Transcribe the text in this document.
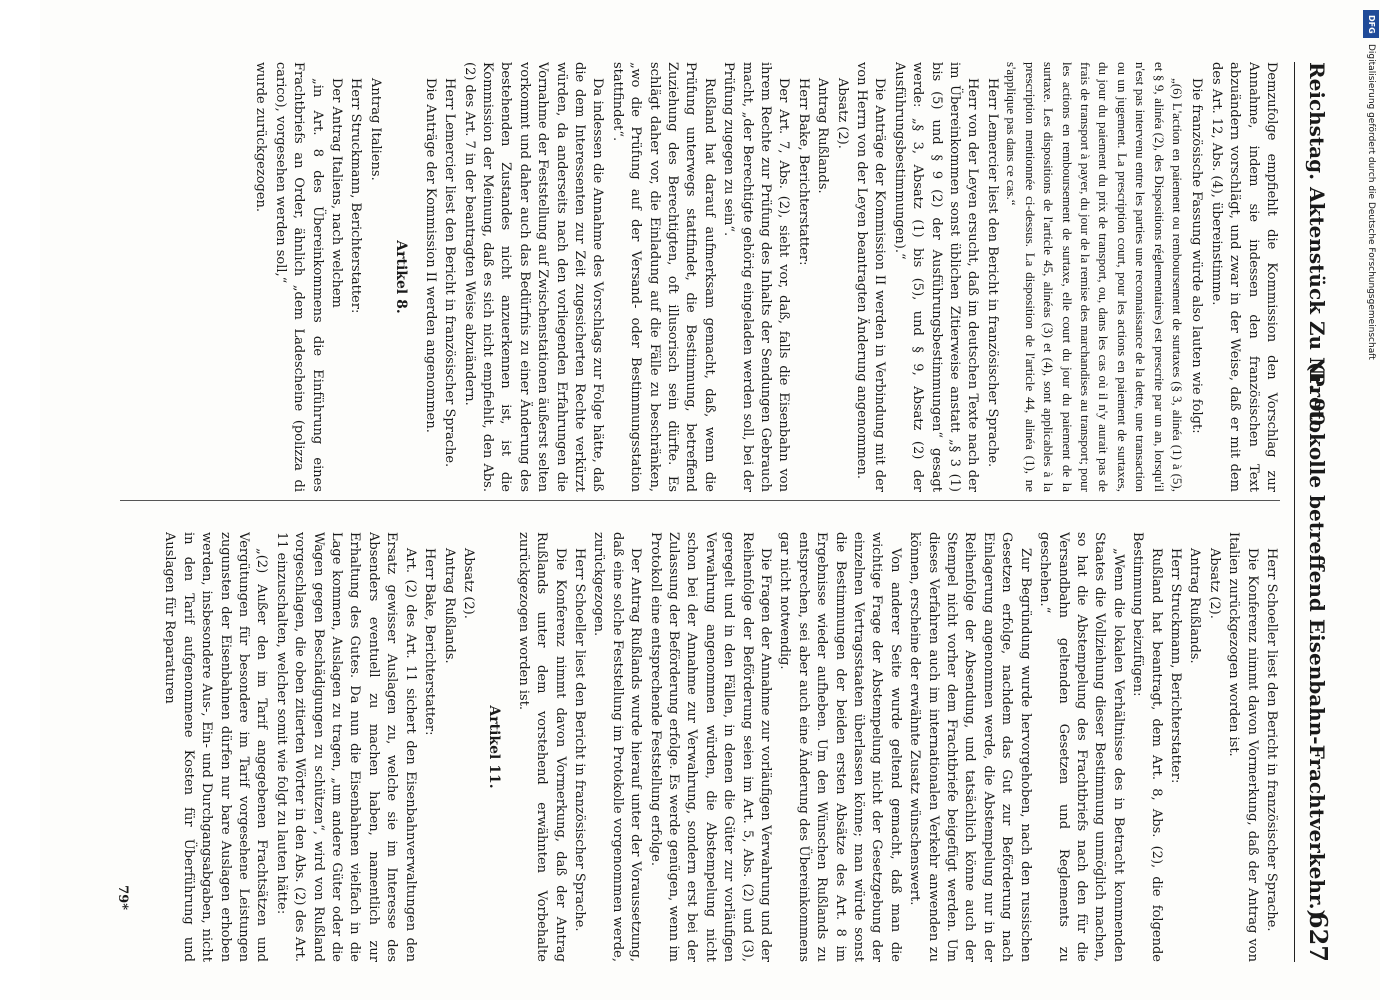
Reichstag. Aktenstück Zu Nr. 90.
(Protokolle betreffend Eisenbahn-Frachtverkehr.)
627

Demzufolge empfiehlt die Kommission den Vorschlag zur Annahme, indem sie indessen den französischen Text abzuändern vorschlägt, und zwar in der Weise, daß er mit dem des Art. 12, Abs. (4), übereinstimme.

Die französische Fassung würde also lauten wie folgt:

„(6) L'action en paiement ou remboursement de surtaxes (§ 3, alinéa (1) à (5), et § 9, alinéa (2), des Dispositions réglementaires) est prescrite par un an, lorsqu'il n'est pas intervenu entre les parties une reconnaissance de la dette, une transaction ou un jugement. La prescription court, pour les actions en paiement de surtaxes, du jour du paiement du prix de transport, ou, dans les cas où il n'y aurait pas de frais de transport à payer, du jour de la remise des marchandises au transport; pour les actions en remboursement de surtaxe, elle court du jour du paiement de la surtaxe. Les dispositions de l'article 45, alinéas (3) et (4), sont applicables à la prescription mentionnée ci-dessus. La disposition de l'article 44, alinéa (1), ne s'applique pas dans ce cas.“

Herr Lemercier liest den Bericht in französischer Sprache.

Herr von der Leyen ersucht, daß im deutschen Texte nach der im Übereinkommen sonst üblichen Zitierweise anstatt „§ 3 (1) bis (5) und § 9 (2) der Ausführungsbestimmungen“ gesagt werde: „§ 3, Absatz (1) bis (5), und § 9, Absatz (2) der Ausführungsbestimmungen).“

Die Anträge der Kommission II werden in Verbindung mit der von Herrn von der Leyen beantragten Änderung angenommen.

Absatz (2).

Antrag Rußlands.

Herr Bake, Berichterstatter:

Der Art. 7, Abs. (2), sieht vor, daß, falls die Eisenbahn von ihrem Rechte zur Prüfung des Inhalts der Sendungen Gebrauch macht, „der Berechtigte gehörig eingeladen werden soll, bei der Prüfung zugegen zu sein“.

Rußland hat darauf aufmerksam gemacht, daß, wenn die Prüfung unterwegs stattfindet, die Bestimmung, betreffend Zuziehung des Berechtigten, oft illusorisch sein dürfte. Es schlägt daher vor, die Einladung auf die Fälle zu beschränken, „wo die Prüfung auf der Versand- oder Bestimmungsstation stattfindet“.

Da indessen die Annahme des Vorschlags zur Folge hätte, daß die dem Interessenten zur Zeit zugesicherten Rechte verkürzt würden, da anderseits nach den vorliegenden Erfahrungen die Vornahme der Feststellung auf Zwischenstationen äußerst selten vorkommt und daher auch das Bedürfnis zu einer Änderung des bestehenden Zustandes nicht anzuerkennen ist, ist die Kommission der Meinung, daß es sich nicht empfiehlt, den Abs. (2) des Art. 7 in der beantragten Weise abzuändern.

Herr Lemercier liest den Bericht in französischer Sprache.

Die Anträge der Kommission II werden angenommen.

Artikel 8.

Antrag Italiens.

Herr Struckmann, Berichterstatter:

Der Antrag Italiens, nach welchem

„in Art. 8 des Übereinkommens die Einführung eines Frachtbriefs an Order, ähnlich „dem Ladescheine (polizza di carico), vorgesehen werden soll,“

wurde zurückgezogen.

Herr Schoeller liest den Bericht in französischer Sprache.

Die Konferenz nimmt davon Vormerkung, daß der Antrag von Italien zurückgezogen worden ist.

Absatz (2).

Antrag Rußlands.

Herr Struckmann, Berichterstatter:

Rußland hat beantragt, dem Art. 8, Abs. (2), die folgende Bestimmung beizufügen:

„Wenn die lokalen Verhältnisse des in Betracht kommenden Staates die Vollziehung dieser Bestimmung unmöglich machen, so hat die Abstempelung des Frachtbriefs nach den für die Versandbahn geltenden Gesetzen und Reglements zu geschehen.“

Zur Begründung wurde hervorgehoben, nach den russischen Gesetzen erfolge, nachdem das Gut zur Beförderung nach Einlagerung angenommen werde, die Abstempelung nur in der Reihenfolge der Absendung, und tatsächlich könne auch der Stempel nicht vorher dem Frachtbriefe beigefügt werden. Um dieses Verfahren auch im internationalen Verkehr anwenden zu können, erscheine der erwähnte Zusatz wünschenswert.

Von anderer Seite wurde geltend gemacht, daß man die wichtige Frage der Abstempelung nicht der Gesetzgebung der einzelnen Vertragsstaaten überlassen könne; man würde sonst die Bestimmungen der beiden ersten Absätze des Art. 8 im Ergebnisse wieder aufheben. Um den Wünschen Rußlands zu entsprechen, sei aber auch eine Änderung des Übereinkommens gar nicht notwendig.

Die Fragen der Annahme zur vorläufigen Verwahrung und der Reihenfolge der Beförderung seien im Art. 5, Abs. (2) und (3), geregelt und in den Fällen, in denen die Güter zur vorläufigen Verwahrung angenommen würden, die Abstempelung nicht schon bei der Annahme zur Verwahrung, sondern erst bei der Zulassung der Beförderung erfolge. Es werde genügen, wenn im Protokoll eine entsprechende Feststellung erfolge.

Der Antrag Rußlands wurde hierauf unter der Voraussetzung, daß eine solche Feststellung im Protokolle vorgenommen werde, zurückgezogen.

Herr Schoeller liest den Bericht in französischer Sprache.

Die Konferenz nimmt davon Vormerkung, daß der Antrag Rußlands unter dem vorstehend erwähnten Vorbehalte zurückgezogen worden ist.

Artikel 11.

Absatz (2).

Antrag Rußlands.

Herr Bake, Berichterstatter:

Art. (2) des Art. 11 sichert den Eisenbahnverwaltungen den Ersatz gewisser Auslagen zu, welche sie im Interesse des Absenders eventuell zu machen haben, namentlich zur Erhaltung des Gutes. Da nun die Eisenbahnen vielfach in die Lage kommen, Auslagen zu tragen, „um andere Güter oder die Wagen gegen Beschädigungen zu schützen“, wird von Rußland vorgeschlagen, die oben zitierten Wörter in den Abs. (2) des Art. 11 einzuschalten, welcher somit wie folgt zu lauten hätte:

„(2) Außer den im Tarif angegebenen Frachtsätzen und Vergütungen für besondere im Tarif vorgesehene Leistungen zugunsten der Eisenbahnen dürfen nur bare Auslagen erhoben werden, insbesondere Aus-, Ein- und Durchgangsabgaben, nicht in den Tarif aufgenommene Kosten für Überführung und Auslagen für Reparaturen

79*
DFG
Digitalisierung gefördert durch die Deutsche Forschungsgemeinschaft
